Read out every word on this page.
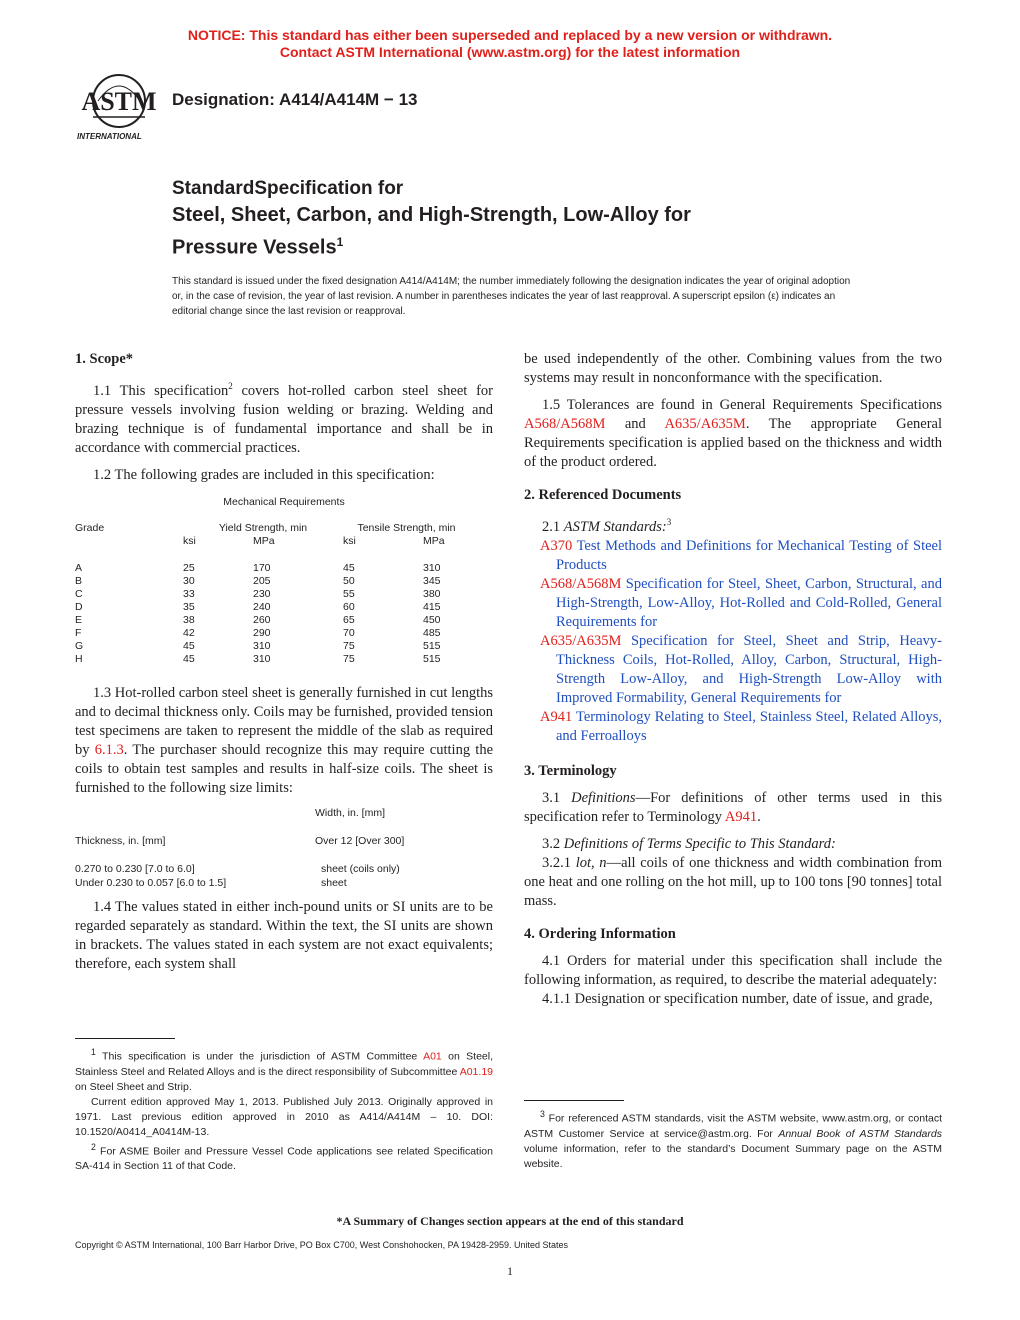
NOTICE: This standard has either been superseded and replaced by a new version or withdrawn.
Contact ASTM International (www.astm.org) for the latest information
ASTM
INTERNATIONAL
Designation: A414/A414M − 13
StandardSpecification for
Steel, Sheet, Carbon, and High-Strength, Low-Alloy for
Pressure Vessels$^1$
This standard is issued under the fixed designation A414/A414M; the number immediately following the designation indicates the year of original adoption or, in the case of revision, the year of last revision. A number in parentheses indicates the year of last reapproval. A superscript epsilon (ε) indicates an editorial change since the last revision or reapproval.
1. Scope*

1.1 This specification$^2$ covers hot-rolled carbon steel sheet for pressure vessels involving fusion welding or brazing. Welding and brazing technique is of fundamental importance and shall be in accordance with commercial practices.

1.2 The following grades are included in this specification:

Mechanical Requirements
Grade	Yield Strength, min		Tensile Strength, min	
	ksi	MPa	ksi	MPa

A	25	170	45	310
B	30	205	50	345
C	33	230	55	380
D	35	240	60	415
E	38	260	65	450
F	42	290	70	485
G	45	310	75	515
H	45	310	75	515

1.3 Hot-rolled carbon steel sheet is generally furnished in cut lengths and to decimal thickness only. Coils may be furnished, provided tension test specimens are taken to represent the middle of the slab as required by 6.1.3. The purchaser should recognize this may require cutting the coils to obtain test samples and results in half-size coils. The sheet is furnished to the following size limits:

	Width, in. [mm]

Thickness, in. [mm]	Over 12 [Over 300]

0.270 to 0.230 [7.0 to 6.0]	sheet (coils only)
Under 0.230 to 0.057 [6.0 to 1.5]	sheet

1.4 The values stated in either inch-pound units or SI units are to be regarded separately as standard. Within the text, the SI units are shown in brackets. The values stated in each system are not exact equivalents; therefore, each system shall

$^1$ This specification is under the jurisdiction of ASTM Committee A01 on Steel, Stainless Steel and Related Alloys and is the direct responsibility of Subcommittee A01.19 on Steel Sheet and Strip.
Current edition approved May 1, 2013. Published July 2013. Originally approved in 1971. Last previous edition approved in 2010 as A414/A414M – 10. DOI: 10.1520/A0414_A0414M-13.
$^2$ For ASME Boiler and Pressure Vessel Code applications see related Specification SA-414 in Section 11 of that Code.

be used independently of the other. Combining values from the two systems may result in nonconformance with the specification.

1.5 Tolerances are found in General Requirements Specifications A568/A568M and A635/A635M. The appropriate General Requirements specification is applied based on the thickness and width of the product ordered.

2. Referenced Documents

2.1 ASTM Standards:$^3$

A370 Test Methods and Definitions for Mechanical Testing of Steel Products

A568/A568M Specification for Steel, Sheet, Carbon, Structural, and High-Strength, Low-Alloy, Hot-Rolled and Cold-Rolled, General Requirements for

A635/A635M Specification for Steel, Sheet and Strip, Heavy-Thickness Coils, Hot-Rolled, Alloy, Carbon, Structural, High-Strength Low-Alloy, and High-Strength Low-Alloy with Improved Formability, General Requirements for

A941 Terminology Relating to Steel, Stainless Steel, Related Alloys, and Ferroalloys

3. Terminology

3.1 Definitions—For definitions of other terms used in this specification refer to Terminology A941.

3.2 Definitions of Terms Specific to This Standard:

3.2.1 lot, n—all coils of one thickness and width combination from one heat and one rolling on the hot mill, up to 100 tons [90 tonnes] total mass.

4. Ordering Information

4.1 Orders for material under this specification shall include the following information, as required, to describe the material adequately:

4.1.1 Designation or specification number, date of issue, and grade,

$^3$ For referenced ASTM standards, visit the ASTM website, www.astm.org, or contact ASTM Customer Service at service@astm.org. For Annual Book of ASTM Standards volume information, refer to the standard’s Document Summary page on the ASTM website.
*A Summary of Changes section appears at the end of this standard
Copyright © ASTM International, 100 Barr Harbor Drive, PO Box C700, West Conshohocken, PA 19428-2959. United States
1
